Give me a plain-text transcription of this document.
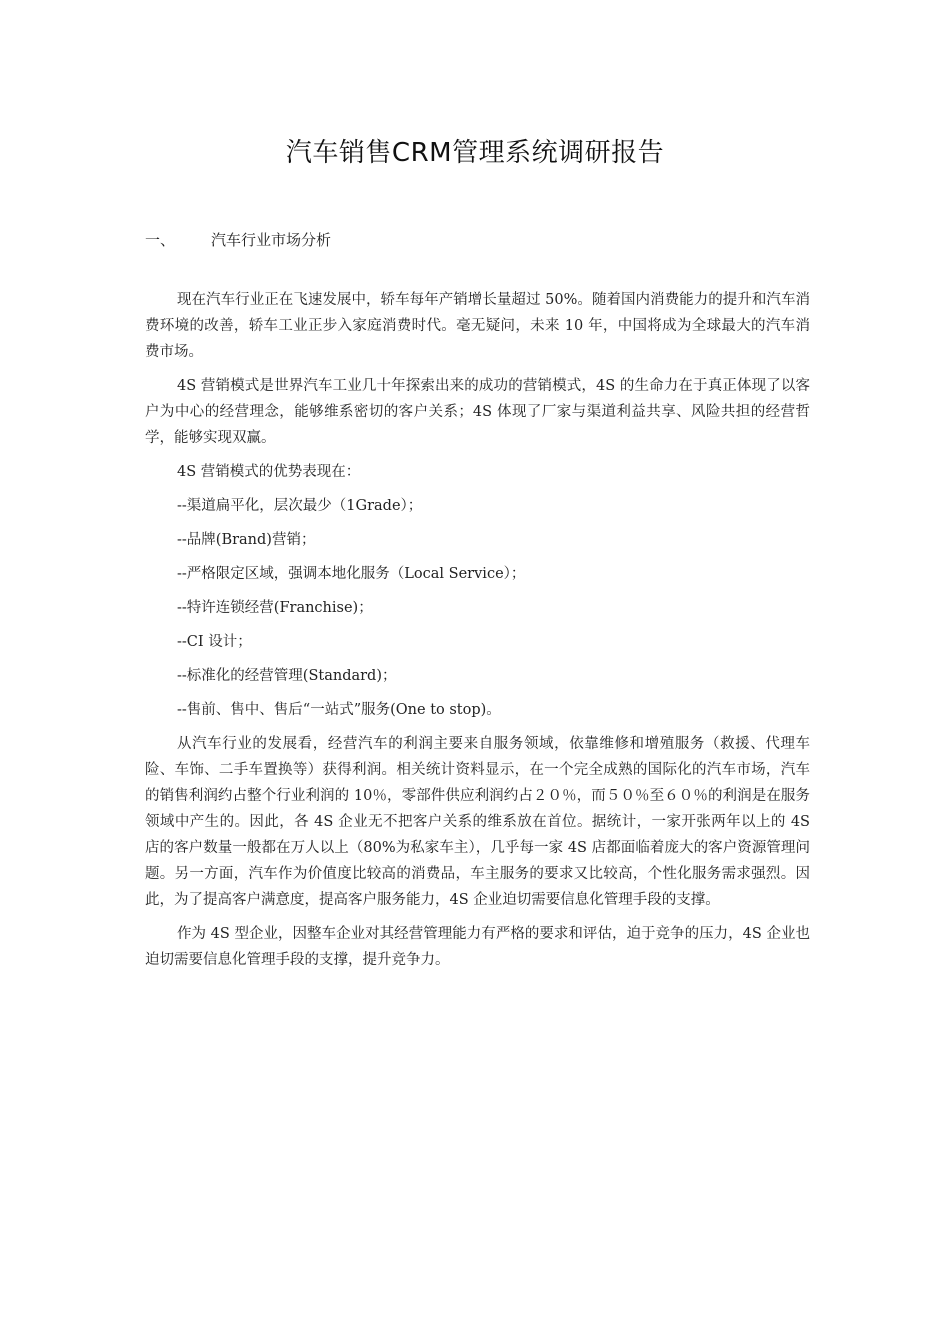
汽车销售CRM管理系统调研报告
一、 汽车行业市场分析

现在汽车行业正在飞速发展中，轿车每年产销增长量超过 50%。随着国内消费能力的提升和汽车消费环境的改善，轿车工业正步入家庭消费时代。毫无疑问，未来 10 年，中国将成为全球最大的汽车消费市场。

4S 营销模式是世界汽车工业几十年探索出来的成功的营销模式，4S 的生命力在于真正体现了以客户为中心的经营理念，能够维系密切的客户关系；4S 体现了厂家与渠道利益共享、风险共担的经营哲学，能够实现双赢。

4S 营销模式的优势表现在：

--渠道扁平化，层次最少（1Grade）；

--品牌(Brand)营销；

--严格限定区域，强调本地化服务（Local Service）；

--特许连锁经营(Franchise)；

--CI 设计；

--标准化的经营管理(Standard)；

--售前、售中、售后“一站式”服务(One to stop)。

从汽车行业的发展看，经营汽车的利润主要来自服务领域，依靠维修和增殖服务（救援、代理车险、车饰、二手车置换等）获得利润。相关统计资料显示，在一个完全成熟的国际化的汽车市场，汽车的销售利润约占整个行业利润的 10％，零部件供应利润约占２０％，而５０％至６０％的利润是在服务领域中产生的。因此，各 4S 企业无不把客户关系的维系放在首位。据统计，一家开张两年以上的 4S 店的客户数量一般都在万人以上（80%为私家车主），几乎每一家 4S 店都面临着庞大的客户资源管理问题。另一方面，汽车作为价值度比较高的消费品，车主服务的要求又比较高，个性化服务需求强烈。因此，为了提高客户满意度，提高客户服务能力，4S 企业迫切需要信息化管理手段的支撑。

作为 4S 型企业，因整车企业对其经营管理能力有严格的要求和评估，迫于竞争的压力，4S 企业也迫切需要信息化管理手段的支撑，提升竞争力。
